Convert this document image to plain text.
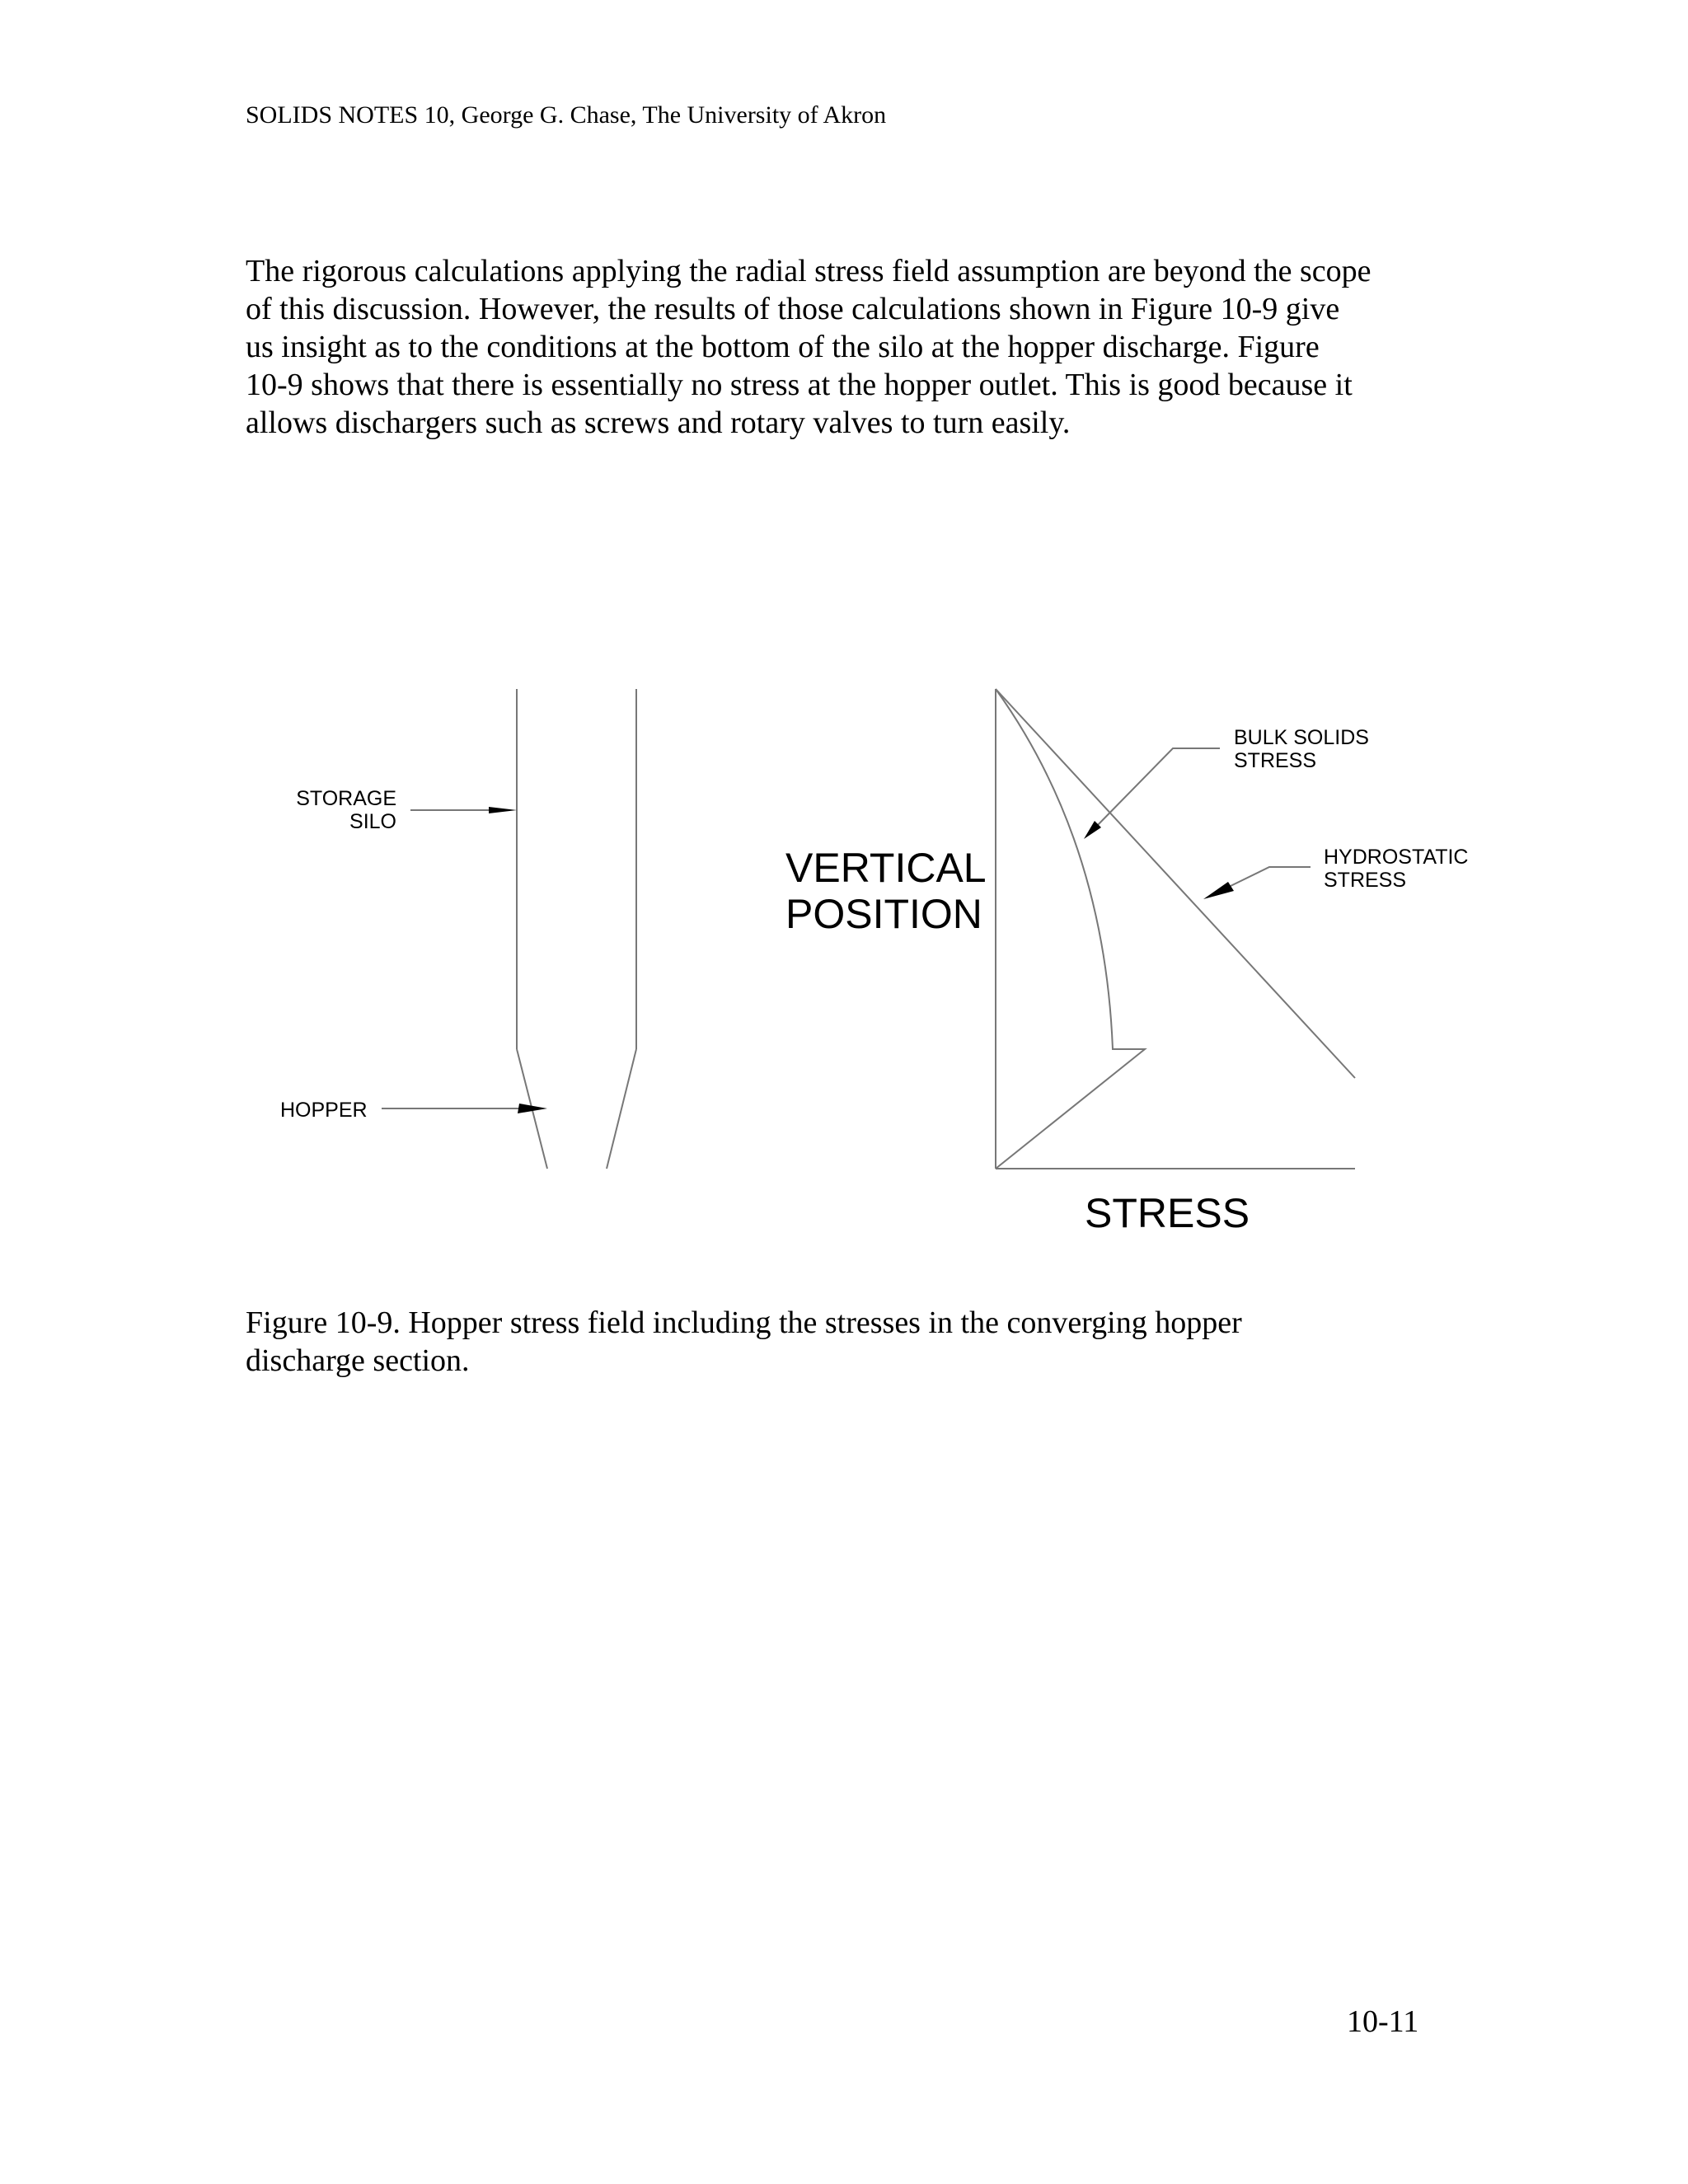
SOLIDS NOTES 10, George G. Chase, The University of Akron
The rigorous calculations applying the radial stress field assumption are beyond the scope
of this discussion. However, the results of those calculations shown in Figure 10-9 give
us insight as to the conditions at the bottom of the silo at the hopper discharge. Figure
10-9 shows that there is essentially no stress at the hopper outlet. This is good because it
allows dischargers such as screws and rotary valves to turn easily.
STORAGE
SILO
HOPPER
BULK SOLIDS
STRESS
HYDROSTATIC
STRESS
VERTICAL
POSITION
STRESS
Figure 10-9. Hopper stress field including the stresses in the converging hopper
discharge section.
10-11
